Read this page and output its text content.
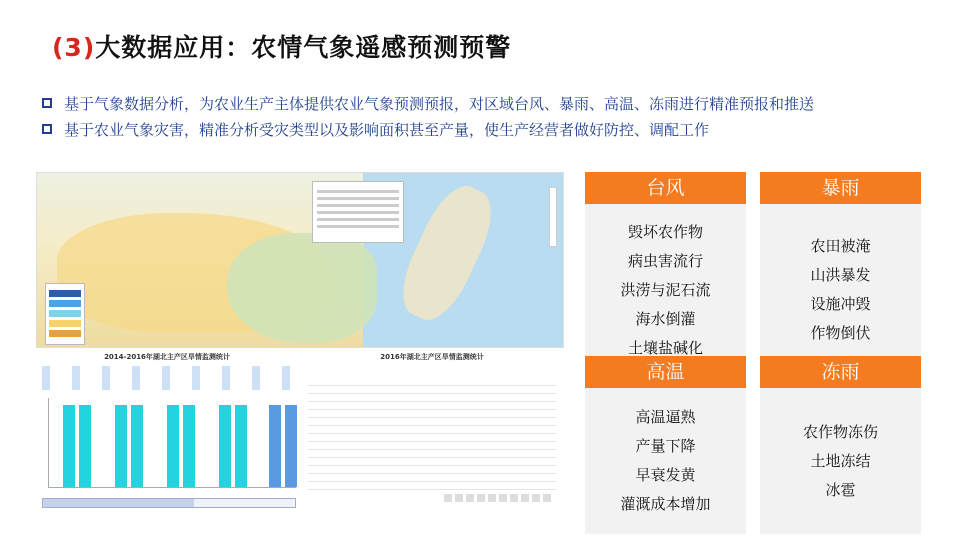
(3)大数据应用：农情气象遥感预测预警
基于气象数据分析，为农业生产主体提供农业气象预测预报，对区域台风、暴雨、高温、冻雨进行精准预报和推送
基于农业气象灾害，精准分析受灾类型以及影响面积甚至产量，使生产经营者做好防控、调配工作
2014-2016年湖北主产区旱情监测统计	2016年湖北主产区旱情监测统计
台风
毁坏农作物
病虫害流行
洪涝与泥石流
海水倒灌
土壤盐碱化
暴雨
农田被淹
山洪暴发
设施冲毁
作物倒伏
高温
高温逼熟
产量下降
早衰发黄
灌溉成本增加
冻雨
农作物冻伤
土地冻结
冰雹
